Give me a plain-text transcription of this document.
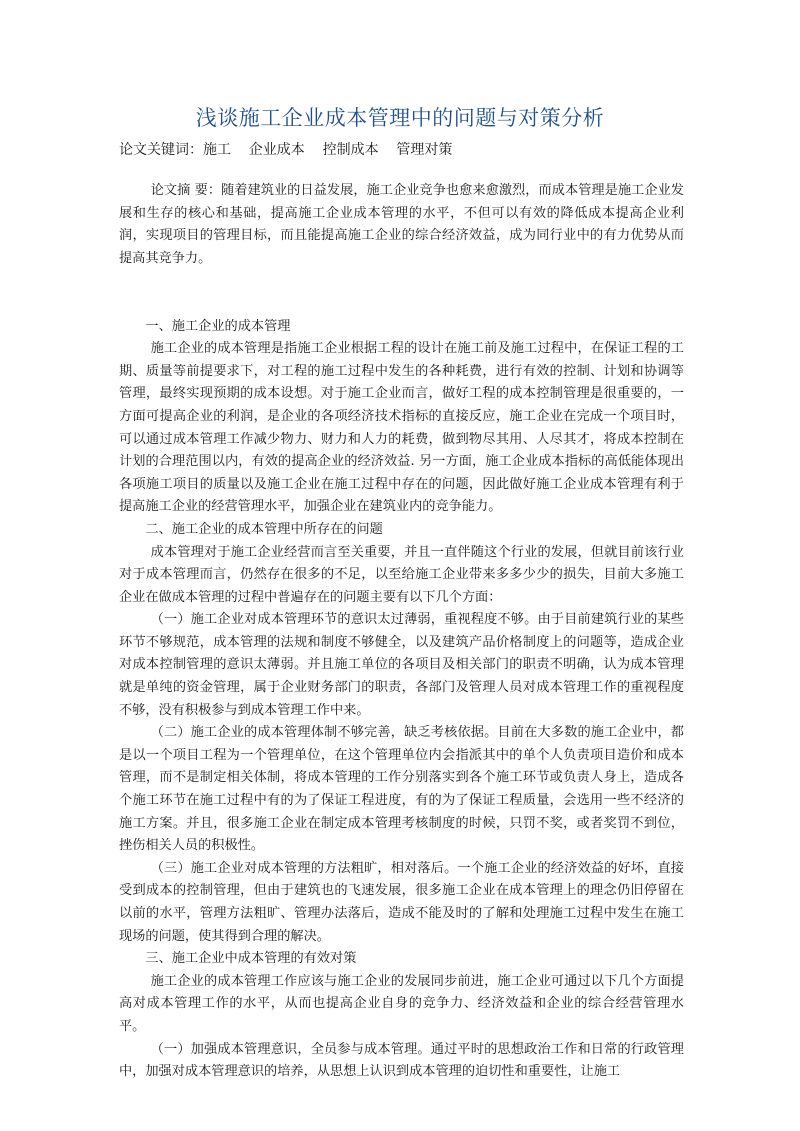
浅谈施工企业成本管理中的问题与对策分析
论文关键词：施工    企业成本    控制成本    管理对策

论文摘 要：随着建筑业的日益发展，施工企业竞争也愈来愈激烈，而成本管理是施工企业发展和生存的核心和基础，提高施工企业成本管理的水平，不但可以有效的降低成本提高企业利润，实现项目的管理目标，而且能提高施工企业的综合经济效益，成为同行业中的有力优势从而提高其竞争力。

一、施工企业的成本管理

施工企业的成本管理是指施工企业根据工程的设计在施工前及施工过程中，在保证工程的工期、质量等前提要求下，对工程的施工过程中发生的各种耗费，进行有效的控制、计划和协调等管理，最终实现预期的成本设想。对于施工企业而言，做好工程的成本控制管理是很重要的，一方面可提高企业的利润，是企业的各项经济技术指标的直接反应，施工企业在完成一个项目时，可以通过成本管理工作减少物力、财力和人力的耗费，做到物尽其用、人尽其才，将成本控制在计划的合理范围以内，有效的提高企业的经济效益. 另一方面，施工企业成本指标的高低能体现出各项施工项目的质量以及施工企业在施工过程中存在的问题，因此做好施工企业成本管理有利于提高施工企业的经营管理水平，加强企业在建筑业内的竞争能力。

二、施工企业的成本管理中所存在的问题

成本管理对于施工企业经营而言至关重要，并且一直伴随这个行业的发展，但就目前该行业对于成本管理而言，仍然存在很多的不足，以至给施工企业带来多多少少的损失，目前大多施工企业在做成本管理的过程中普遍存在的问题主要有以下几个方面：

（一）施工企业对成本管理环节的意识太过薄弱，重视程度不够。由于目前建筑行业的某些环节不够规范，成本管理的法规和制度不够健全，以及建筑产品价格制度上的问题等，造成企业对成本控制管理的意识太薄弱。并且施工单位的各项目及相关部门的职责不明确，认为成本管理就是单纯的资金管理，属于企业财务部门的职责，各部门及管理人员对成本管理工作的重视程度不够，没有积极参与到成本管理工作中来。

（二）施工企业的成本管理体制不够完善，缺乏考核依据。目前在大多数的施工企业中，都是以一个项目工程为一个管理单位，在这个管理单位内会指派其中的单个人负责项目造价和成本管理，而不是制定相关体制，将成本管理的工作分别落实到各个施工环节或负责人身上，造成各个施工环节在施工过程中有的为了保证工程进度，有的为了保证工程质量，会选用一些不经济的施工方案。并且，很多施工企业在制定成本管理考核制度的时候，只罚不奖，或者奖罚不到位，挫伤相关人员的积极性。

（三）施工企业对成本管理的方法粗旷，相对落后。一个施工企业的经济效益的好坏，直接受到成本的控制管理，但由于建筑也的飞速发展，很多施工企业在成本管理上的理念仍旧停留在以前的水平，管理方法粗旷、管理办法落后，造成不能及时的了解和处理施工过程中发生在施工现场的问题，使其得到合理的解决。

三、施工企业中成本管理的有效对策

施工企业的成本管理工作应该与施工企业的发展同步前进，施工企业可通过以下几个方面提高对成本管理工作的水平，从而也提高企业自身的竞争力、经济效益和企业的综合经营管理水平。

（一）加强成本管理意识，全员参与成本管理。通过平时的思想政治工作和日常的行政管理中，加强对成本管理意识的培养，从思想上认识到成本管理的迫切性和重要性，让施工
